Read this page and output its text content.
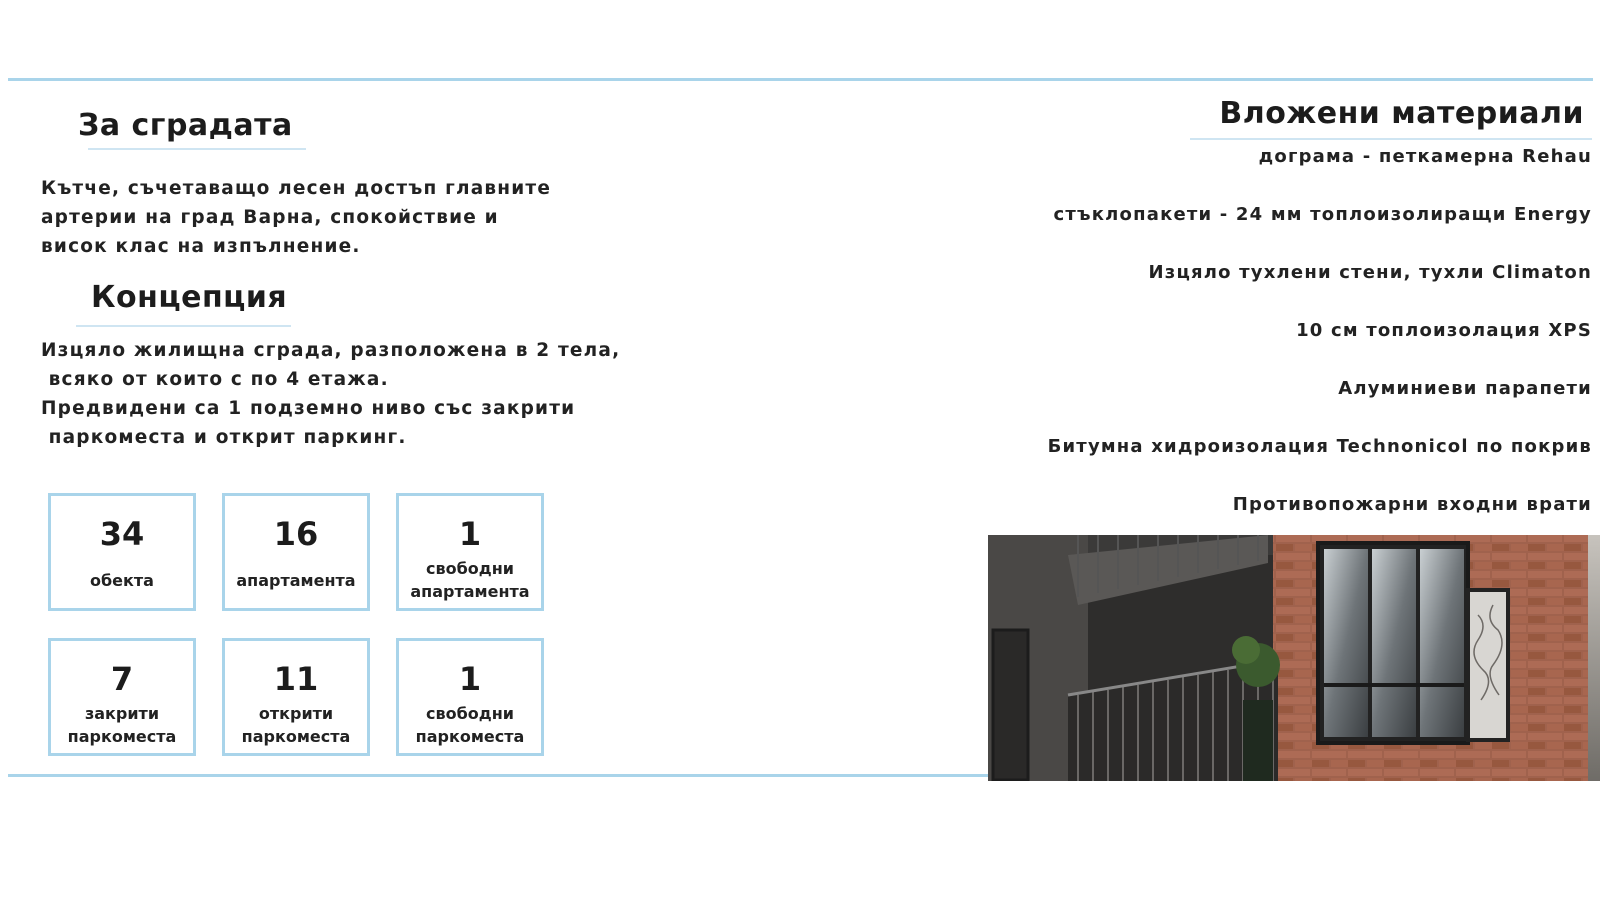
За сградата
Кътче, съчетаващо лесен достъп главните
артерии на град Варна, спокойствие и
висок клас на изпълнение.
Концепция
Изцяло жилищна сграда, разположена в 2 тела,
всяко от които с по 4 етажа.
Предвидени са 1 подземно ниво със закрити
паркоместа и открит паркинг.
34
обекта
16
апартамента
1
свободни апартамента
7
закрити паркоместа
11
открити паркоместа
1
свободни паркоместа
Вложени материали
дограма - петкамерна Rehau
стъклопакети - 24 мм топлоизолиращи Energy
Изцяло тухлени стени, тухли Climaton
10 см топлоизолация XPS
Алуминиеви парапети
Битумна хидроизолация Technonicol по покрив
Противопожарни входни врати
